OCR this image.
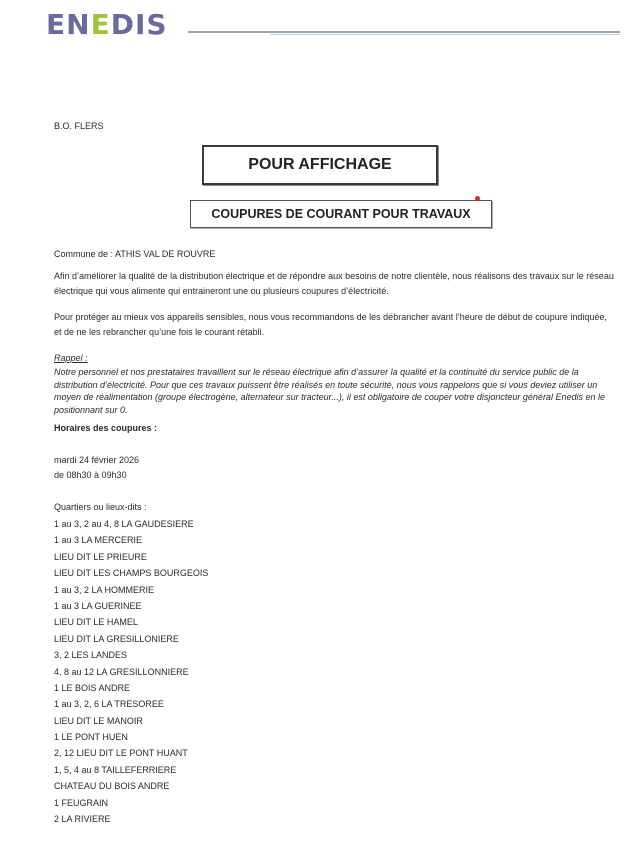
ENEDIS
B.O. FLERS
POUR AFFICHAGE
COUPURES DE COURANT POUR TRAVAUX
Commune de : ATHIS VAL DE ROUVRE
Afin d’améliorer la qualité de la distribution électrique et de répondre aux besoins de notre clientèle, nous réalisons des travaux sur le réseau électrique qui vous alimente qui entraineront une ou plusieurs coupures d’électricité.
Pour protéger au mieux vos appareils sensibles, nous vous recommandons de les débrancher avant l’heure de début de coupure indiquée, et de ne les rebrancher qu’une fois le courant rétabli.
Rappel :
Notre personnel et nos prestataires travaillent sur le réseau électrique afin d’assurer la qualité et la continuité du service public de la distribution d’électricité. Pour que ces travaux puissent être réalisés en toute sécurité, nous vous rappelons que si vous deviez utiliser un moyen de réalimentation (groupe électrogène, alternateur sur tracteur...), il est obligatoire de couper votre disjoncteur général Enedis en le positionnant sur 0.
Horaires des coupures :
mardi 24 février 2026
de 08h30 à 09h30
Quartiers ou lieux-dits :
1 au 3, 2 au 4, 8 LA GAUDESIERE
1 au 3 LA MERCERIE
LIEU DIT LE PRIEURE
LIEU DIT LES CHAMPS BOURGEOIS
1 au 3, 2 LA HOMMERIE
1 au 3 LA GUERINEE
LIEU DIT LE HAMEL
LIEU DIT LA GRESILLONIERE
3, 2 LES LANDES
4, 8 au 12 LA GRESILLONNIERE
1 LE BOIS ANDRE
1 au 3, 2, 6 LA TRESOREE
LIEU DIT LE MANOIR
1 LE PONT HUEN
2, 12 LIEU DIT LE PONT HUANT
1, 5, 4 au 8 TAILLEFERRIERE
CHATEAU DU BOIS ANDRE
1 FEUGRAIN
2 LA RIVIERE
